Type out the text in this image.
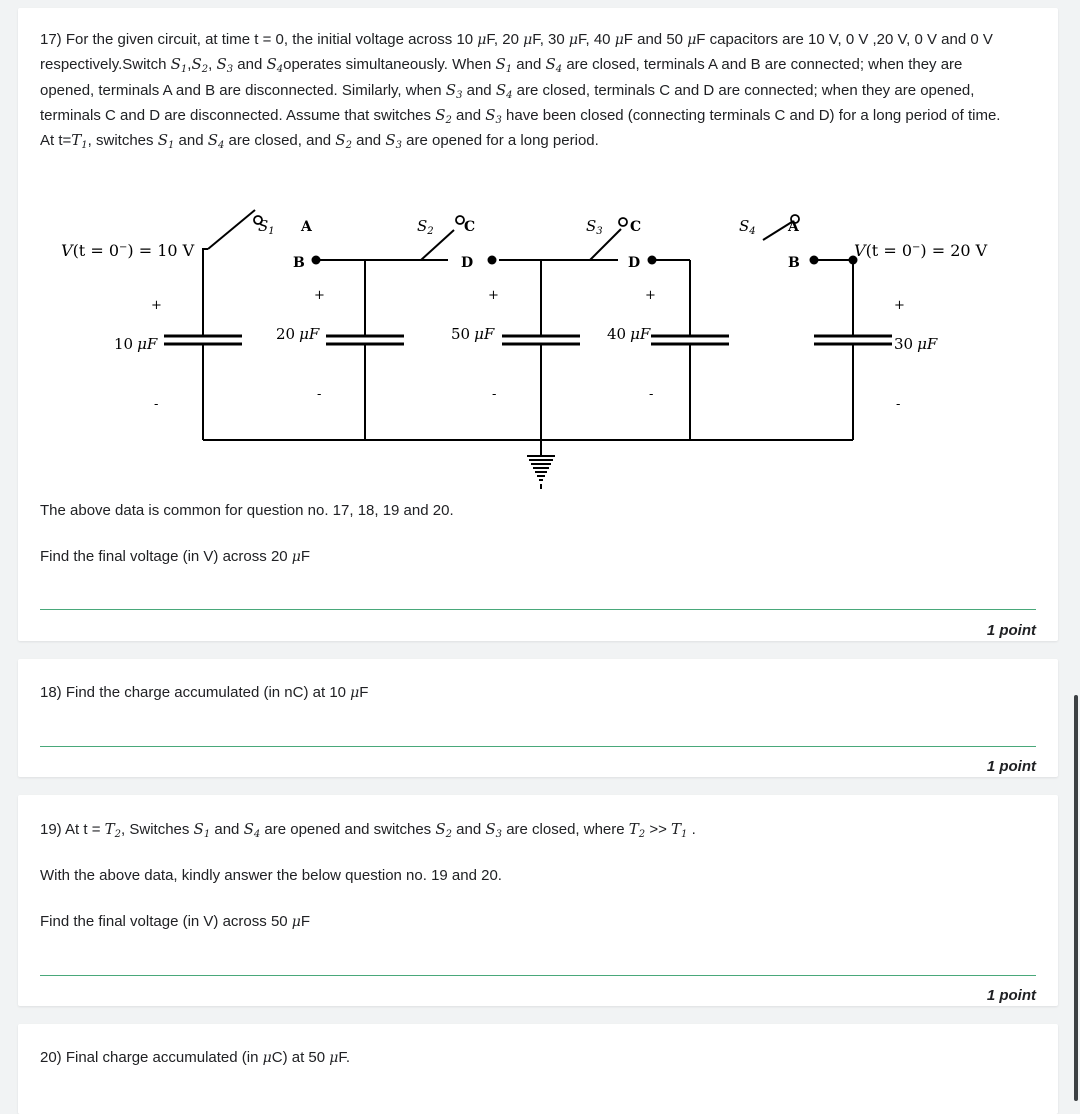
17) For the given circuit, at time t = 0, the initial voltage across 10 μF, 20 μF, 30 μF, 40 μF and 50 μF capacitors are 10 V, 0 V ,20 V, 0 V and 0 V
respectively.Switch $S_1,S_2$, $S_3$ and $S_4operates$ simultaneously. When $S_1$ and $S_4$ are closed, terminals A and B are connected; when they are
opened, terminals A and B are disconnected. Similarly, when $S_3$ and $S_4$ are closed, terminals C and D are connected; when they are opened,
terminals C and D are disconnected. Assume that switches $S_2$ and $S_3$ have been closed (connecting terminals C and D) for a long period of time.
At $t=T_1$, switches $S_1$ and $S_4$ are closed, and $S_2$ and $S_3$ are opened for a long period.
$S_1$	$S_2$	$S_3$	$S_4$
A
B
C
D
C
D
A
B
V(t = 0−) = 10 V	V(t = 0−) = 20 V
10 μF
20 μF	50 μF	40 μF
30 μF
+
-
+
-
+
-
+
-
+
-
The above data is common for question no. 17, 18, 19 and 20.
Find the final voltage (in V) across 20 μF
1 point
18) Find the charge accumulated (in nC) at 10 μF
1 point
19) At $t = T_2$, Switches $S_1$ and $S_4$ are opened and switches $S_2$ and $S_3$ are closed, where $T_2 >> T_1$ .
With the above data, kindly answer the below question no. 19 and 20.
Find the final voltage (in V) across 50 μF
1 point
20) Final charge accumulated (in μC) at 50 μF.
